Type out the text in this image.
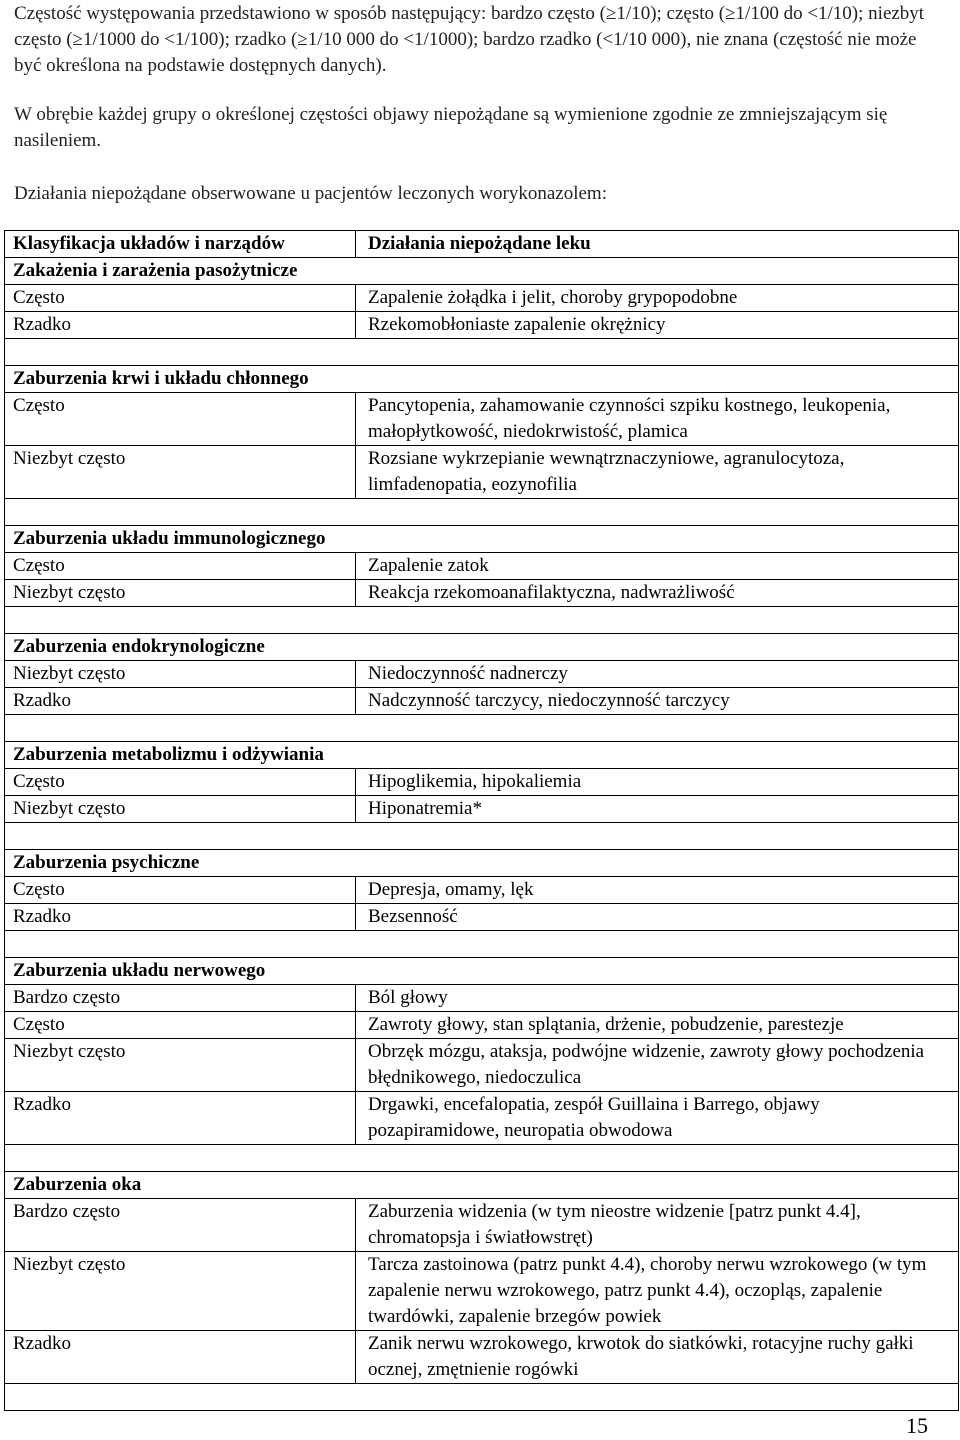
Częstość występowania przedstawiono w sposób następujący: bardzo często (≥1/10); często (≥1/100 do <1/10); niezbyt często (≥1/1000 do <1/100); rzadko (≥1/10 000 do <1/1000); bardzo rzadko (<1/10 000), nie znana (częstość nie może być określona na podstawie dostępnych danych).

W obrębie każdej grupy o określonej częstości objawy niepożądane są wymienione zgodnie ze zmniejszającym się nasileniem.

Działania niepożądane obserwowane u pacjentów leczonych worykonazolem:

Klasyfikacja układów i narządów	Działania niepożądane leku
Zakażenia i zarażenia pasożytnicze	
Często	Zapalenie żołądka i jelit, choroby grypopodobne
Rzadko	Rzekomobłoniaste zapalenie okrężnicy

Zaburzenia krwi i układu chłonnego	
Często	Pancytopenia, zahamowanie czynności szpiku kostnego, leukopenia, małopłytkowość, niedokrwistość, plamica
Niezbyt często	Rozsiane wykrzepianie wewnątrznaczyniowe, agranulocytoza, limfadenopatia, eozynofilia

Zaburzenia układu immunologicznego	
Często	Zapalenie zatok
Niezbyt często	Reakcja rzekomoanafilaktyczna, nadwrażliwość

Zaburzenia endokrynologiczne	
Niezbyt często	Niedoczynność nadnerczy
Rzadko	Nadczynność tarczycy, niedoczynność tarczycy

Zaburzenia metabolizmu i odżywiania	
Często	Hipoglikemia, hipokaliemia
Niezbyt często	Hiponatremia*

Zaburzenia psychiczne	
Często	Depresja, omamy, lęk
Rzadko	Bezsenność

Zaburzenia układu nerwowego	
Bardzo często	Ból głowy
Często	Zawroty głowy, stan splątania, drżenie, pobudzenie, parestezje
Niezbyt często	Obrzęk mózgu, ataksja, podwójne widzenie, zawroty głowy pochodzenia błędnikowego, niedoczulica
Rzadko	Drgawki, encefalopatia, zespół Guillaina i Barrego, objawy pozapiramidowe, neuropatia obwodowa

Zaburzenia oka	
Bardzo często	Zaburzenia widzenia (w tym nieostre widzenie [patrz punkt 4.4], chromatopsja i światłowstręt)
Niezbyt często	Tarcza zastoinowa (patrz punkt 4.4), choroby nerwu wzrokowego (w tym zapalenie nerwu wzrokowego, patrz punkt 4.4), oczopląs, zapalenie twardówki, zapalenie brzegów powiek
Rzadko	Zanik nerwu wzrokowego, krwotok do siatkówki, rotacyjne ruchy gałki ocznej, zmętnienie rogówki

15
